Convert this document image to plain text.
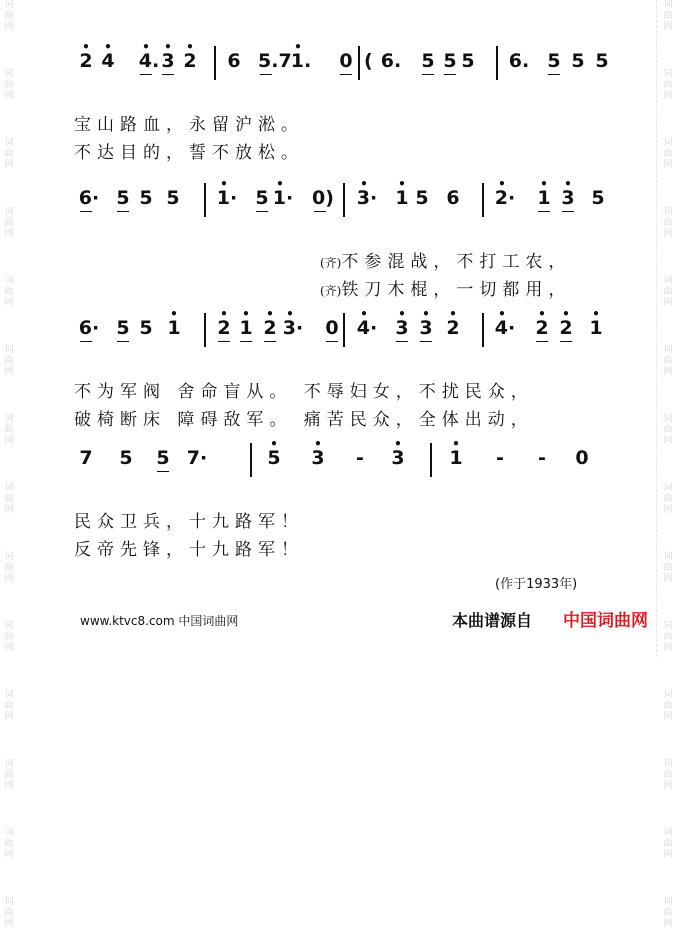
词
曲
网
词
曲
网
词
曲
网
词
曲
网
词
曲
网
词
曲
网
词
曲
网
词
曲
网
词
曲
网
词
曲
网
词
曲
网
词
曲
网
词
曲
网
词
曲
网
词
曲
网
词
曲
网
词
曲
网
词
曲
网
词
曲
网
词
曲
网
词
曲
网
词
曲
网
词
曲
网
词
曲
网
词
曲
网
词
曲
网
词
曲
网
词
曲
网
2
•
4
•
4.
•
3
•
2
•
6 5.7 1.
•
0 ( 6. 5 5 5 6. 5 5 5
宝山路血，永留沪淞。
不达目的，誓不放松。
6· 5 5 5 1·
•
5 1·
•
0) 3·
•
1
•
5 6 2·
•
1
•
3
•
5
(齐)不参混战，不打工农，
(齐)铁刀木棍，一切都用，
6· 5 5 1
•
2
•
1
•
2
•
3·
•
0 4·
•
3
•
3
•
2
•
4·
•
2
•
2
•
1
•
不为军阀 舍命盲从。 不辱妇女，不扰民众，
破椅断床 障碍敌军。 痛苦民众，全体出动，
7 5 5 7·	5
•
3
•
- 3
•
1
•
- - 0
民众卫兵，十九路军！
反帝先锋，十九路军！
(作于1933年)
www.ktvc8.com 中国词曲网	本曲谱源自 中国词曲网
